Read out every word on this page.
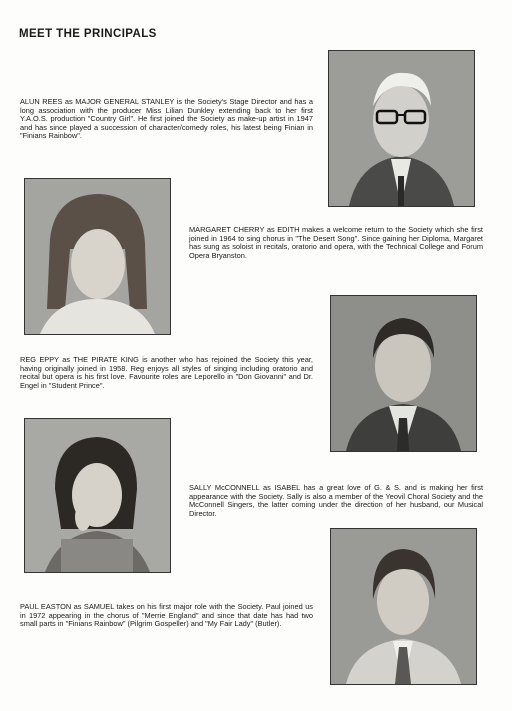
MEET THE PRINCIPALS
ALUN REES as MAJOR GENERAL STANLEY is the Society's Stage Director and has a long association with the producer Miss Lilian Dunkley extending back to her first Y.A.O.S. production "Country Girl". He first joined the Society as make-up artist in 1947 and has since played a succession of character/comedy roles, his latest being Finian in "Finians Rainbow".
MARGARET CHERRY as EDITH makes a welcome return to the Society which she first joined in 1964 to sing chorus in "The Desert Song". Since gaining her Diploma, Margaret has sung as soloist in recitals, oratorio and opera, with the Technical College and Forum Opera Bryanston.
REG EPPY as THE PIRATE KING is another who has rejoined the Society this year, having originally joined in 1958. Reg enjoys all styles of singing including oratorio and recital but opera is his first love. Favourite roles are Leporello in "Don Giovanni" and Dr. Engel in "Student Prince".
SALLY McCONNELL as ISABEL has a great love of G. & S. and is making her first appearance with the Society. Sally is also a member of the Yeovil Choral Society and the McConnell Singers, the latter coming under the direction of her husband, our Musical Director.
PAUL EASTON as SAMUEL takes on his first major role with the Society. Paul joined us in 1972 appearing in the chorus of "Merrie England" and since that date has had two small parts in "Finians Rainbow" (Pilgrim Gospeller) and "My Fair Lady" (Butler).
